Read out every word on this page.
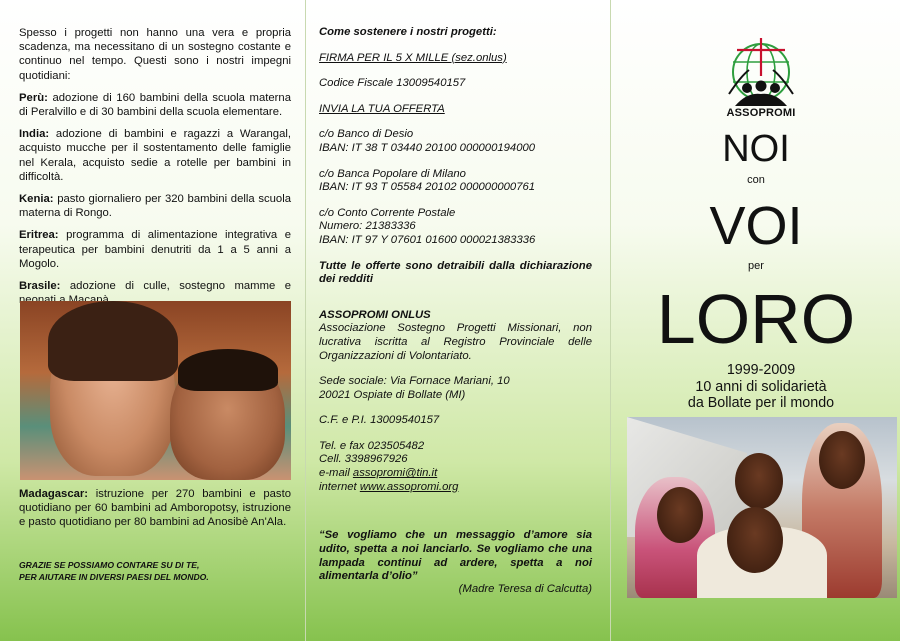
Spesso i progetti non hanno una vera e propria scadenza, ma necessitano di un sostegno costante e continuo nel tempo. Questi sono i nostri impegni quotidiani:

Perù: adozione di 160 bambini della scuola materna di Peralvillo e di 30 bambini della scuola elementare.

India: adozione di bambini e ragazzi a Warangal, acquisto mucche per il sostentamento delle famiglie nel Kerala, acquisto sedie a rotelle per bambini in difficoltà.

Kenia: pasto giornaliero per 320 bambini della scuola materna di Rongo.

Eritrea: programma di alimentazione integrativa e terapeutica per bambini denutriti da 1 a 5 anni a Mogolo.

Brasile: adozione di culle, sostegno mamme e

Madagascar: istruzione per 270 bambini e pasto quotidiano per 60 bambini ad Amboropotsy, istruzione e pasto quotidiano per 80 bambini ad Anosibè An'Ala.
GRAZIE SE POSSIAMO CONTARE SU DI TE,
PER AIUTARE IN DIVERSI PAESI DEL MONDO.
Come sostenere i nostri progetti:
FIRMA PER IL 5 X MILLE (sez.onlus)
Codice Fiscale 13009540157
INVIA LA TUA OFFERTA
c/o Banco di Desio
IBAN: IT 38 T 03440 20100 000000194000
c/o Banca Popolare di Milano
IBAN: IT 93 T 05584 20102 000000000761
c/o Conto Corrente Postale
Numero: 21383336
IBAN: IT 97 Y 07601 01600 000021383336
Tutte le offerte sono detraibili dalla dichiarazione dei redditi
ASSOPROMI ONLUS
Associazione Sostegno Progetti Missionari, non lucrativa iscritta al Registro Provinciale delle Organizzazioni di Volontariato.
Sede sociale: Via Fornace Mariani, 10
20021 Ospiate di Bollate (MI)
C.F. e P.I. 13009540157
Tel. e fax 023505482
Cell. 3398967926
e-mail assopromi@tin.it
internet www.assopromi.org
“Se vogliamo che un messaggio d’amore sia udito, spetta a noi lanciarlo. Se vogliamo che una lampada continui ad ardere, spetta a noi alimentarla d’olio”
(Madre Teresa di Calcutta)
ASSOPROMI
NOI
con
VOI
per
LORO
1999-2009
10 anni di solidarietà
da Bollate per il mondo
